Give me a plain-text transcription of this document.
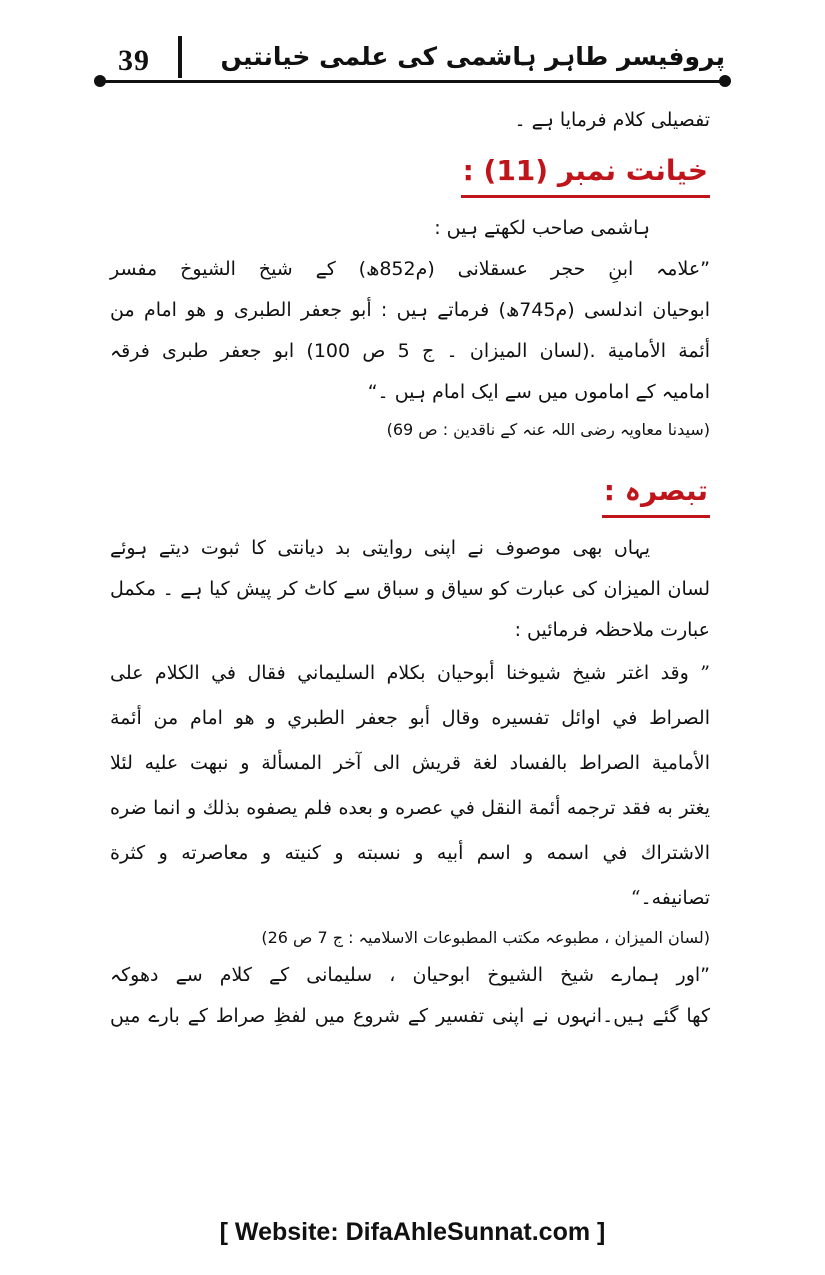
39	پروفیسر طاہر ہاشمی کی علمی خیانتیں

تفصیلی کلام فرمایا ہے ۔

خیانت نمبر (11) :

ہاشمی صاحب لکھتے ہیں :

”علامہ ابنِ حجر عسقلانی (م852ھ) کے شیخ الشیوخ مفسر

ابوحیان اندلسی (م745ھ) فرماتے ہیں : أبو جعفر الطبری و ھو امام من

أئمة الأمامية .(لسان المیزان ۔ ج 5 ص 100) ابو جعفر طبری فرقہ

امامیہ کے اماموں میں سے ایک امام ہیں ۔“

(سیدنا معاویہ رضی اللہ عنہ کے ناقدین : ص 69)

تبصرہ :

یہاں بھی موصوف نے اپنی روایتی بد دیانتی کا ثبوت دیتے ہوئے

لسان المیزان کی عبارت کو سیاق و سباق سے کاٹ کر پیش کیا ہے ۔ مکمل

عبارت ملاحظہ فرمائیں :

” وقد اغتر شيخ شيوخنا أبوحيان بكلام السليماني فقال في الكلام على

الصراط في اوائل تفسيره وقال أبو جعفر الطبري و هو امام من أئمة

الأمامية الصراط بالفساد لغة قريش الى آخر المسألة و نبهت عليه لئلا

يغتر به فقد ترجمه أئمة النقل في عصره و بعده فلم يصفوه بذلك و انما ضره

الاشتراك في اسمه و اسم أبيه و نسبته و كنيته و معاصرته و كثرة

تصانيفه۔“

(لسان المیزان ، مطبوعہ مکتب المطبوعات الاسلامیہ : ج 7 ص 26)

”اور ہمارے شیخ الشیوخ ابوحیان ، سلیمانی کے کلام سے دھوکہ

کھا گئے ہیں۔انہوں نے اپنی تفسیر کے شروع میں لفظِ صراط کے بارے میں

[ Website: DifaAhleSunnat.com ]
